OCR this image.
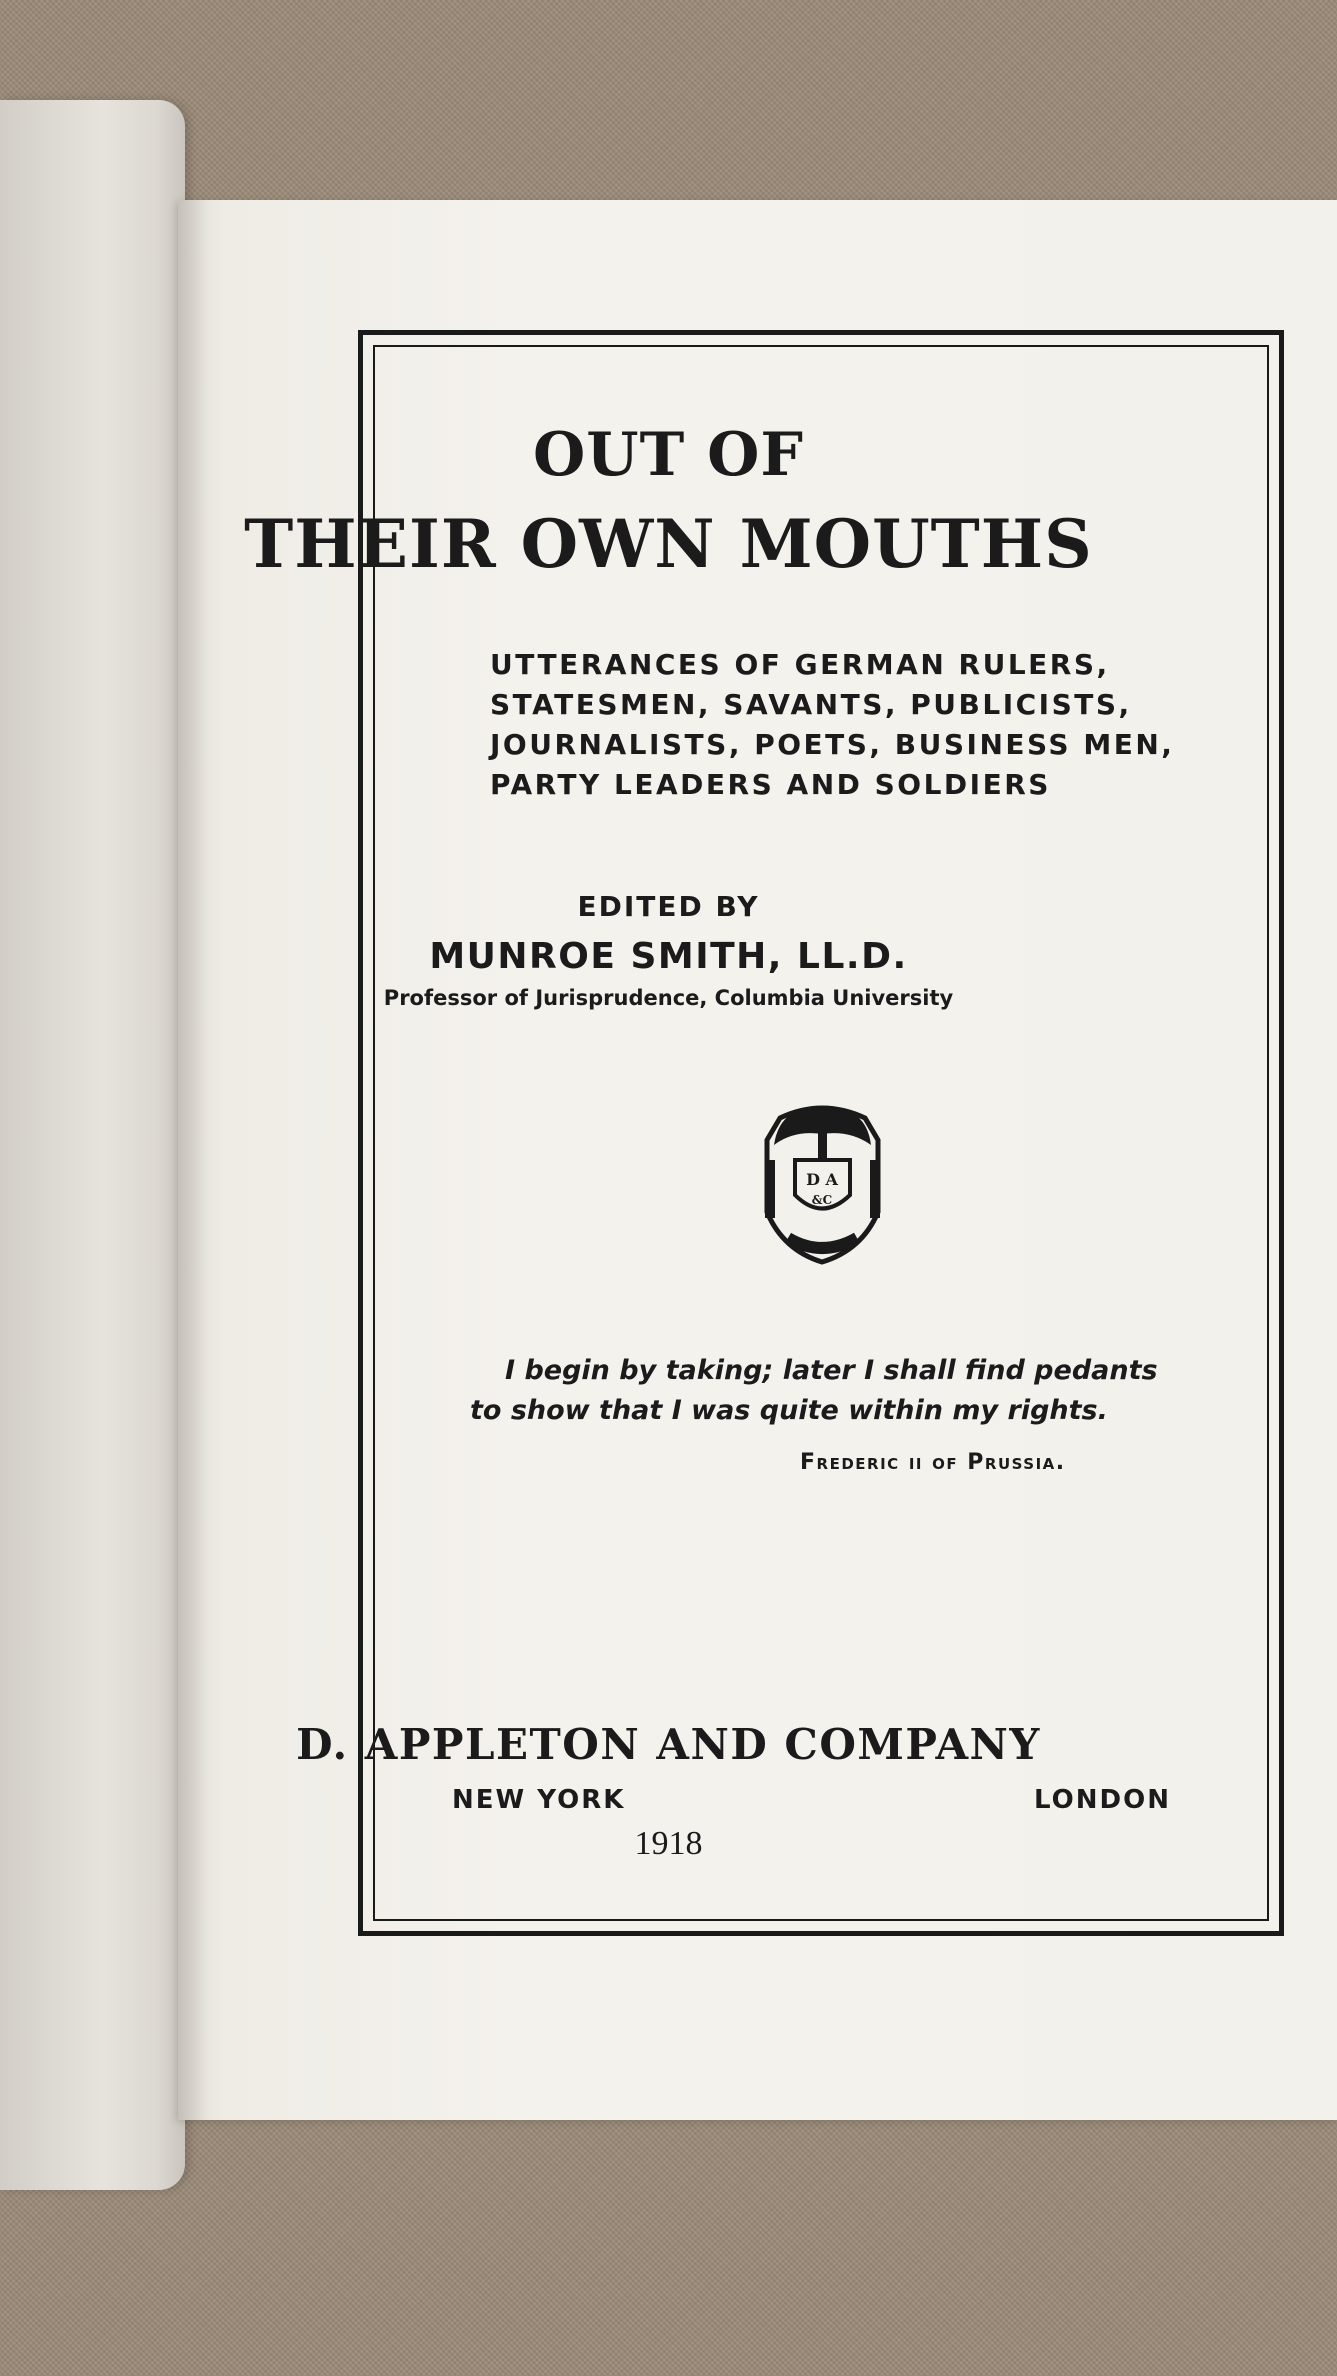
OUT OF
THEIR OWN MOUTHS
UTTERANCES OF GERMAN RULERS,
STATESMEN, SAVANTS, PUBLICISTS,
JOURNALISTS, POETS, BUSINESS MEN,
PARTY LEADERS AND SOLDIERS
EDITED BY
MUNROE SMITH, LL.D.
Professor of Jurisprudence, Columbia University
D A
&C
I begin by taking; later I shall find pedants
to show that I was quite within my rights.
Frederic ii of Prussia.
D. APPLETON AND COMPANY
NEW YORK	LONDON
1918
